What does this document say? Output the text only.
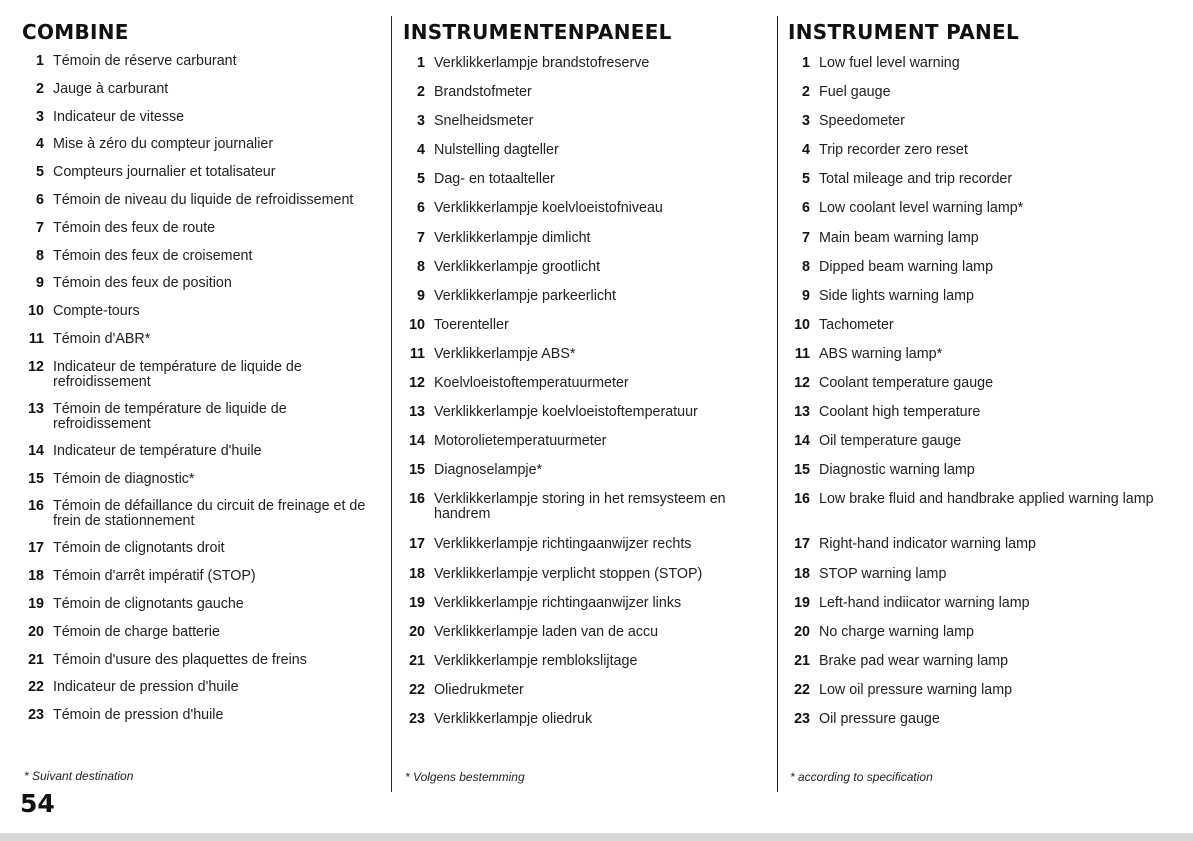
COMBINE
1 Témoin de réserve carburant
2 Jauge à carburant
3 Indicateur de vitesse
4 Mise à zéro du compteur journalier
5 Compteurs journalier et totalisateur
6 Témoin de niveau du liquide de refroidissement
7 Témoin des feux de route
8 Témoin des feux de croisement
9 Témoin des feux de position
10 Compte-tours
11 Témoin d'ABR*
12 Indicateur de température de liquide de refroidissement
13 Témoin de température de liquide de refroidissement
14 Indicateur de température d'huile
15 Témoin de diagnostic*
16 Témoin de défaillance du circuit de freinage et de frein de stationnement
17 Témoin de clignotants droit
18 Témoin d'arrêt impératif (STOP)
19 Témoin de clignotants gauche
20 Témoin de charge batterie
21 Témoin d'usure des plaquettes de freins
22 Indicateur de pression d'huile
23 Témoin de pression d'huile
INSTRUMENTENPANEEL
1 Verklikkerlampje brandstofreserve
2 Brandstofmeter
3 Snelheidsmeter
4 Nulstelling dagteller
5 Dag- en totaalteller
6 Verklikkerlampje koelvloeistofniveau
7 Verklikkerlampje dimlicht
8 Verklikkerlampje grootlicht
9 Verklikkerlampje parkeerlicht
10 Toerenteller
11 Verklikkerlampje ABS*
12 Koelvloeistoftemperatuurmeter
13 Verklikkerlampje koelvloeistoftemperatuur
14 Motorolietemperatuurmeter
15 Diagnoselampje*
16 Verklikkerlampje storing in het remsysteem en handrem
17 Verklikkerlampje richtingaanwijzer rechts
18 Verklikkerlampje verplicht stoppen (STOP)
19 Verklikkerlampje richtingaanwijzer links
20 Verklikkerlampje laden van de accu
21 Verklikkerlampje remblokslijtage
22 Oliedrukmeter
23 Verklikkerlampje oliedruk
INSTRUMENT PANEL
1 Low fuel level warning
2 Fuel gauge
3 Speedometer
4 Trip recorder zero reset
5 Total mileage and trip recorder
6 Low coolant level warning lamp*
7 Main beam warning lamp
8 Dipped beam warning lamp
9 Side lights warning lamp
10 Tachometer
11 ABS warning lamp*
12 Coolant temperature gauge
13 Coolant high temperature
14 Oil temperature gauge
15 Diagnostic warning lamp
16 Low brake fluid and handbrake applied warning lamp
17 Right-hand indicator warning lamp
18 STOP warning lamp
19 Left-hand indiicator warning lamp
20 No charge warning lamp
21 Brake pad wear warning lamp
22 Low oil pressure warning lamp
23 Oil pressure gauge
* Suivant destination	* Volgens bestemming	* according to specification
54
